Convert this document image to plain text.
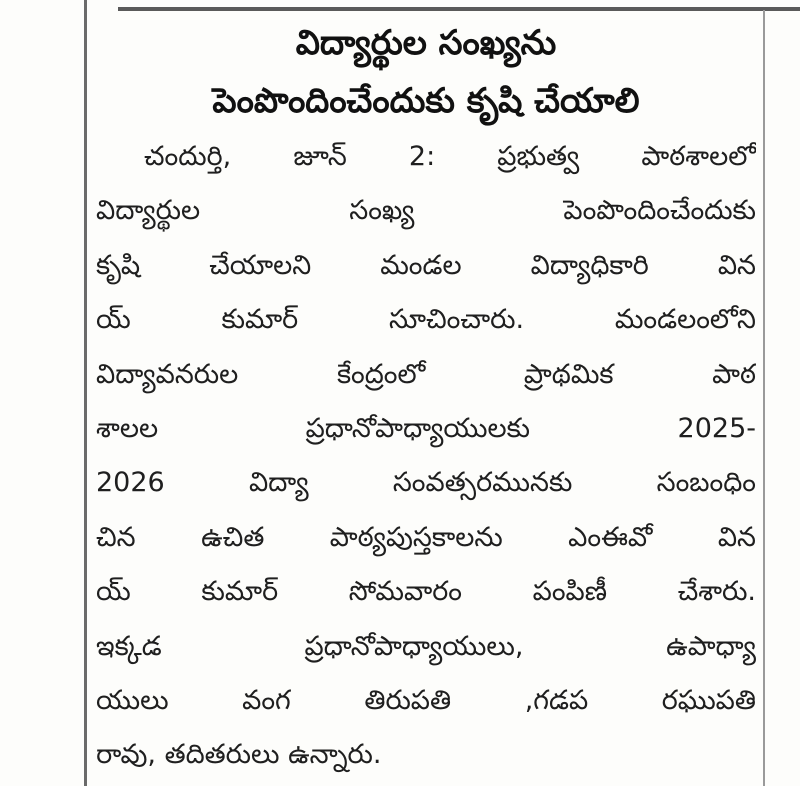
విద్యార్థుల సంఖ్యను
పెంపొందించేందుకు కృషి చేయాలి
చందుర్తి, జూన్ 2: ప్రభుత్వ పాఠశాలలో
విద్యార్థుల సంఖ్య పెంపొందించేందుకు
కృషి చేయాలని మండల విద్యాధికారి విన
య్ కుమార్ సూచించారు. మండలంలోని
విద్యావనరుల కేంద్రంలో ప్రాథమిక పాఠ
శాలల ప్రధానోపాధ్యాయులకు 2025-
2026 విద్యా సంవత్సరమునకు సంబంధిం
చిన ఉచిత పాఠ్యపుస్తకాలను ఎంఈవో విన
య్ కుమార్ సోమవారం పంపిణీ చేశారు.
ఇక్కడ ప్రధానోపాధ్యాయులు, ఉపాధ్యా
యులు వంగ తిరుపతి ,గడప రఘుపతి
రావు, తదితరులు ఉన్నారు.
